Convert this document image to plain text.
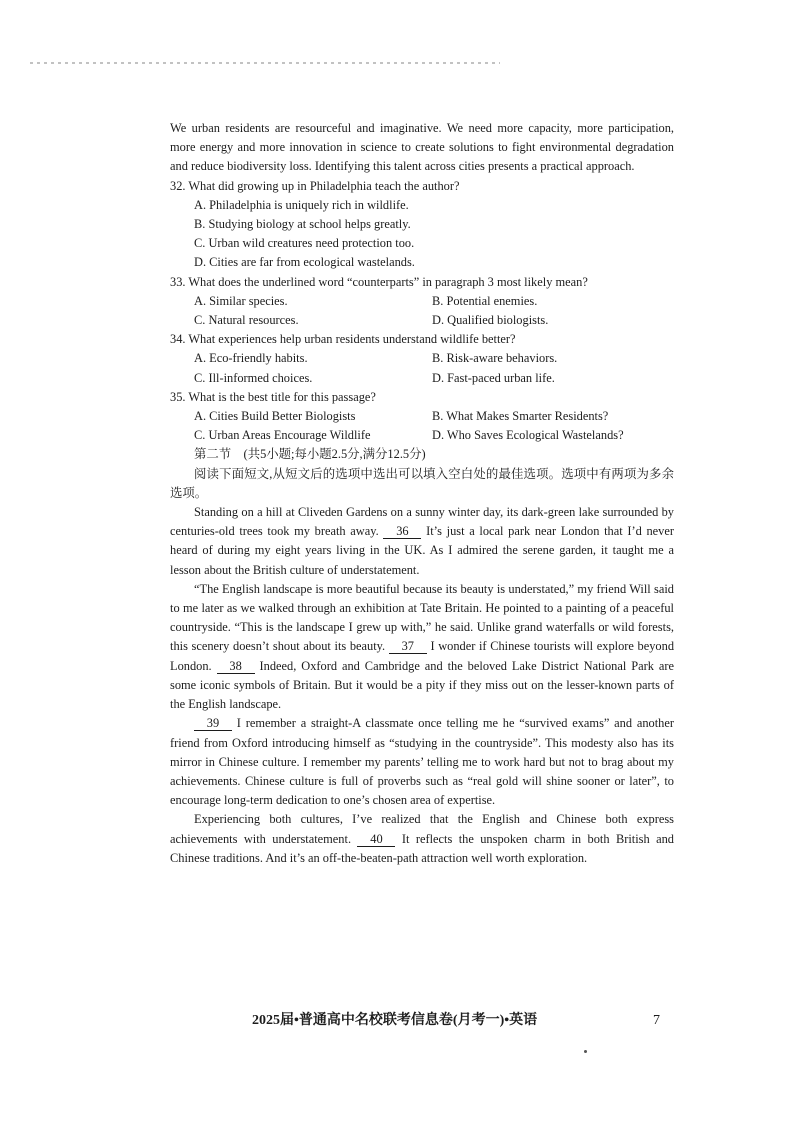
We urban residents are resourceful and imaginative. We need more capacity, more participation, more energy and more innovation in science to create solutions to fight environmental degradation and reduce biodiversity loss. Identifying this talent across cities presents a practical approach.

32. What did growing up in Philadelphia teach the author?

A. Philadelphia is uniquely rich in wildlife.
B. Studying biology at school helps greatly.
C. Urban wild creatures need protection too.
D. Cities are far from ecological wastelands.

33. What does the underlined word “counterparts” in paragraph 3 most likely mean?

A. Similar species.	B. Potential enemies.
C. Natural resources.	D. Qualified biologists.

34. What experiences help urban residents understand wildlife better?

A. Eco-friendly habits.	B. Risk-aware behaviors.
C. Ill-informed choices.	D. Fast-paced urban life.

35. What is the best title for this passage?

A. Cities Build Better Biologists	B. What Makes Smarter Residents?
C. Urban Areas Encourage Wildlife	D. Who Saves Ecological Wastelands?

第二节　(共5小题;每小题2.5分,满分12.5分)

阅读下面短文,从短文后的选项中选出可以填入空白处的最佳选项。选项中有两项为多余选项。

Standing on a hill at Cliveden Gardens on a sunny winter day, its dark-green lake surrounded by centuries-old trees took my breath away. 36 It’s just a local park near London that I’d never heard of during my eight years living in the UK. As I admired the serene garden, it taught me a lesson about the British culture of understatement.

“The English landscape is more beautiful because its beauty is understated,” my friend Will said to me later as we walked through an exhibition at Tate Britain. He pointed to a painting of a peaceful countryside. “This is the landscape I grew up with,” he said. Unlike grand waterfalls or wild forests, this scenery doesn’t shout about its beauty. 37 I wonder if Chinese tourists will explore beyond London. 38 Indeed, Oxford and Cambridge and the beloved Lake District National Park are some iconic symbols of Britain. But it would be a pity if they miss out on the lesser-known parts of the English landscape.

39 I remember a straight-A classmate once telling me he “survived exams” and another friend from Oxford introducing himself as “studying in the countryside”. This modesty also has its mirror in Chinese culture. I remember my parents’ telling me to work hard but not to brag about my achievements. Chinese culture is full of proverbs such as “real gold will shine sooner or later”, to encourage long-term dedication to one’s chosen area of expertise.

Experiencing both cultures, I’ve realized that the English and Chinese both express achievements with understatement. 40 It reflects the unspoken charm in both British and Chinese traditions. And it’s an off-the-beaten-path attraction well worth exploration.

2025届•普通高中名校联考信息卷(月考一)•英语	7
